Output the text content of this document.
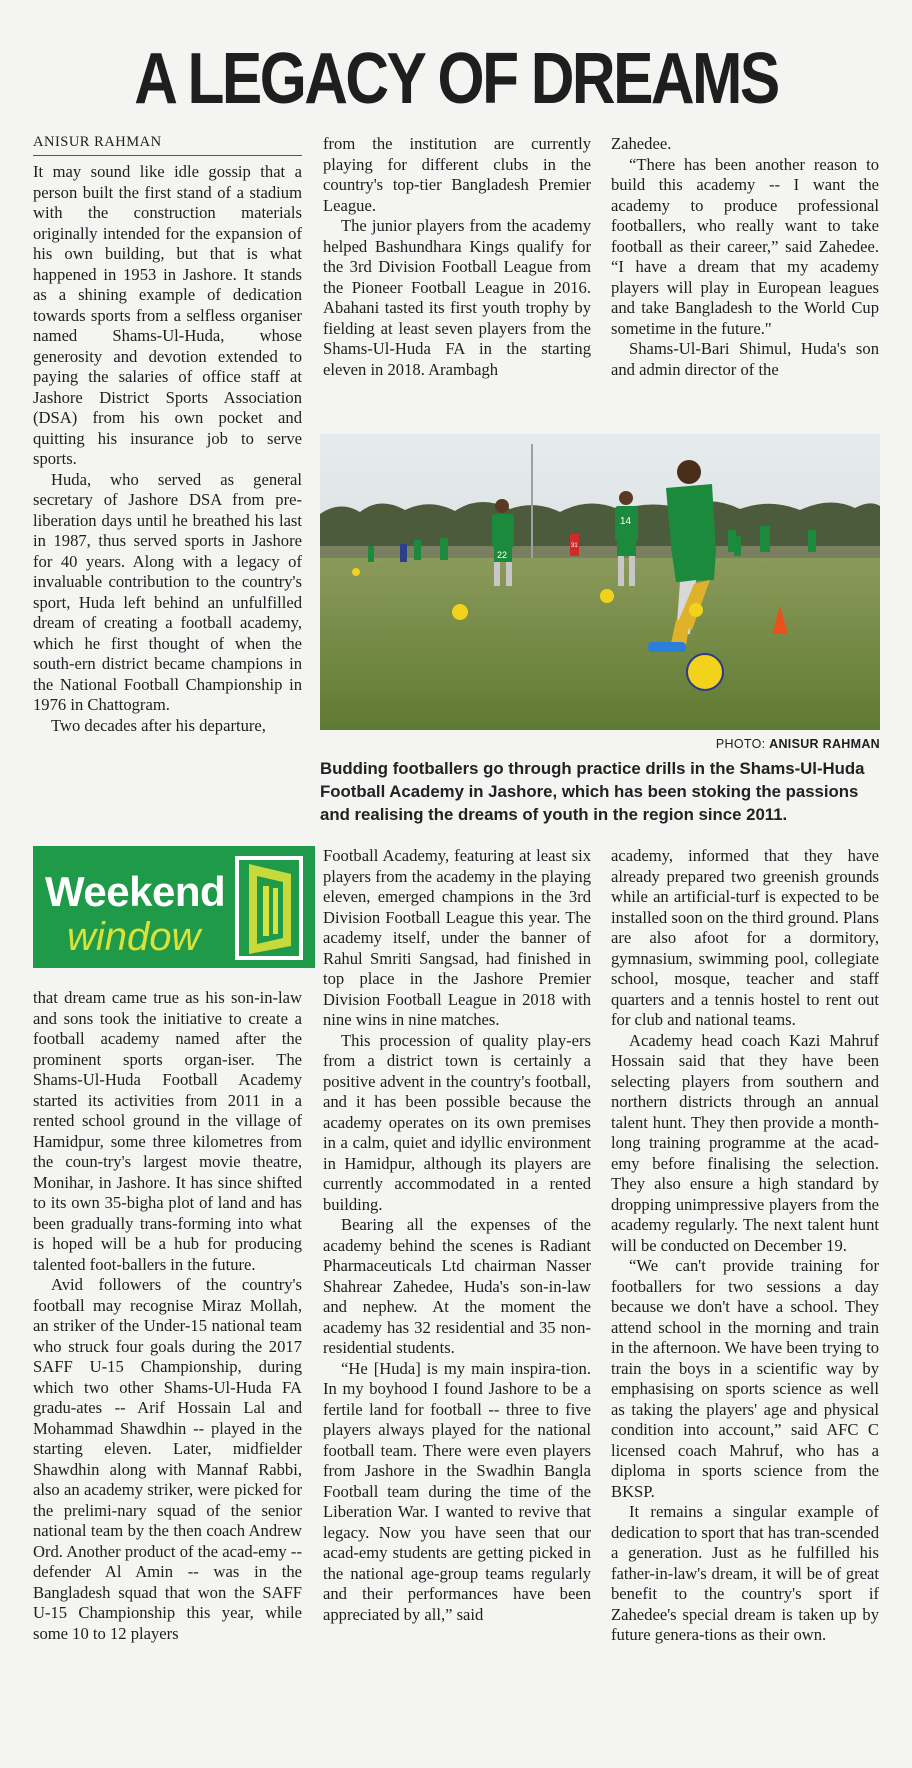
A LEGACY OF DREAMS
ANISUR RAHMAN

It may sound like idle gossip that a person built the first stand of a stadium with the construction materials originally intended for the expansion of his own building, but that is what happened in 1953 in Jashore. It stands as a shining example of dedication towards sports from a selfless organiser named Shams-Ul-Huda, whose generosity and devotion extended to paying the salaries of office staff at Jashore District Sports Association (DSA) from his own pocket and quitting his insurance job to serve sports.

Huda, who served as general secretary of Jashore DSA from pre-liberation days until he breathed his last in 1987, thus served sports in Jashore for 40 years. Along with a legacy of invaluable contribution to the country's sport, Huda left behind an unfulfilled dream of creating a football academy, which he first thought of when the south-ern district became champions in the National Football Championship in 1976 in Chattogram.

Two decades after his departure,

from the institution are currently playing for different clubs in the country's top-tier Bangladesh Premier League.

The junior players from the academy helped Bashundhara Kings qualify for the 3rd Division Football League from the Pioneer Football League in 2016. Abahani tasted its first youth trophy by fielding at least seven players from the Shams-Ul-Huda FA in the starting eleven in 2018. Arambagh

Zahedee.

“There has been another reason to build this academy -- I want the academy to produce professional footballers, who really want to take football as their career,” said Zahedee. “I have a dream that my academy players will play in European leagues and take Bangladesh to the World Cup sometime in the future."

Shams-Ul-Bari Shimul, Huda's son and admin director of the

31
22
14
PHOTO: ANISUR RAHMAN
Budding footballers go through practice drills in the Shams-Ul-Huda Football Academy in Jashore, which has been stoking the passions and realising the dreams of youth in the region since 2011.
Weekend
window

that dream came true as his son-in-law and sons took the initiative to create a football academy named after the prominent sports organ-iser. The Shams-Ul-Huda Football Academy started its activities from 2011 in a rented school ground in the village of Hamidpur, some three kilometres from the coun-try's largest movie theatre, Monihar, in Jashore. It has since shifted to its own 35-bigha plot of land and has been gradually trans-forming into what is hoped will be a hub for producing talented foot-ballers in the future.

Avid followers of the country's football may recognise Miraz Mollah, an striker of the Under-15 national team who struck four goals during the 2017 SAFF U-15 Championship, during which two other Shams-Ul-Huda FA gradu-ates -- Arif Hossain Lal and Mohammad Shawdhin -- played in the starting eleven. Later, midfielder Shawdhin along with Mannaf Rabbi, also an academy striker, were picked for the prelimi-nary squad of the senior national team by the then coach Andrew Ord. Another product of the acad-emy -- defender Al Amin -- was in the Bangladesh squad that won the SAFF U-15 Championship this year, while some 10 to 12 players

Football Academy, featuring at least six players from the academy in the playing eleven, emerged champions in the 3rd Division Football League this year. The academy itself, under the banner of Rahul Smriti Sangsad, had finished in top place in the Jashore Premier Division Football League in 2018 with nine wins in nine matches.

This procession of quality play-ers from a district town is certainly a positive advent in the country's football, and it has been possible because the academy operates on its own premises in a calm, quiet and idyllic environment in Hamidpur, although its players are currently accommodated in a rented building.

Bearing all the expenses of the academy behind the scenes is Radiant Pharmaceuticals Ltd chairman Nasser Shahrear Zahedee, Huda's son-in-law and nephew. At the moment the academy has 32 residential and 35 non-residential students.

“He [Huda] is my main inspira-tion. In my boyhood I found Jashore to be a fertile land for football -- three to five players always played for the national football team. There were even players from Jashore in the Swadhin Bangla Football team during the time of the Liberation War. I wanted to revive that legacy. Now you have seen that our acad-emy students are getting picked in the national age-group teams regularly and their performances have been appreciated by all,” said

academy, informed that they have already prepared two greenish grounds while an artificial-turf is expected to be installed soon on the third ground. Plans are also afoot for a dormitory, gymnasium, swimming pool, collegiate school, mosque, teacher and staff quarters and a tennis hostel to rent out for club and national teams.

Academy head coach Kazi Mahruf Hossain said that they have been selecting players from southern and northern districts through an annual talent hunt. They then provide a month-long training programme at the acad-emy before finalising the selection. They also ensure a high standard by dropping unimpressive players from the academy regularly. The next talent hunt will be conducted on December 19.

“We can't provide training for footballers for two sessions a day because we don't have a school. They attend school in the morning and train in the afternoon. We have been trying to train the boys in a scientific way by emphasising on sports science as well as taking the players' age and physical condition into account,” said AFC C licensed coach Mahruf, who has a diploma in sports science from the BKSP.

It remains a singular example of dedication to sport that has tran-scended a generation. Just as he fulfilled his father-in-law's dream, it will be of great benefit to the country's sport if Zahedee's special dream is taken up by future genera-tions as their own.
